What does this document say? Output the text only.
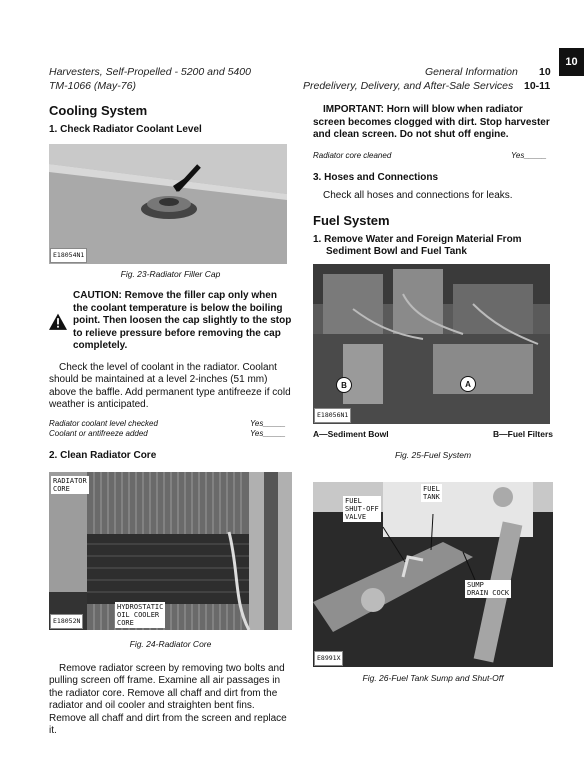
10
Harvesters, Self-Propelled - 5200 and 5400
TM-1066 (May-76)
General Information 10
Predelivery, Delivery, and After-Sale Services 10-11
Cooling System
1. Check Radiator Coolant Level
E18054N1
Fig. 23-Radiator Filler Cap
CAUTION: Remove the filler cap only when the coolant temperature is below the boiling point. Then loosen the cap slightly to the stop to relieve pressure before removing the cap completely.

Check the level of coolant in the radiator. Coolant should be maintained at a level 2-inches (51 mm) above the baffle. Add permanent type antifreeze if cold weather is anticipated.

Radiator coolant level checked	Yes_____
Coolant or antifreeze added	Yes_____
2. Clean Radiator Core
RADIATOR
CORE
HYDROSTATIC
OIL COOLER
CORE
E18052N
Fig. 24-Radiator Core

Remove radiator screen by removing two bolts and pulling screen off frame. Examine all air passages in the radiator core. Remove all chaff and dirt from the radiator and oil cooler and straighten bent fins. Remove all chaff and dirt from the screen and replace it.

IMPORTANT: Horn will blow when radiator screen becomes clogged with dirt. Stop harvester and clean screen. Do not shut off engine.
Radiator core cleaned	Yes_____
3. Hoses and Connections

Check all hoses and connections for leaks.

Fuel System
1. Remove Water and Foreign Material From Sediment Bowl and Fuel Tank
B	A
E18056N1
A—Sediment Bowl	B—Fuel Filters
Fig. 25-Fuel System
FUEL
TANK
FUEL
SHUT-OFF
VALVE
SUMP
DRAIN COCK
E8991X
Fig. 26-Fuel Tank Sump and Shut-Off
